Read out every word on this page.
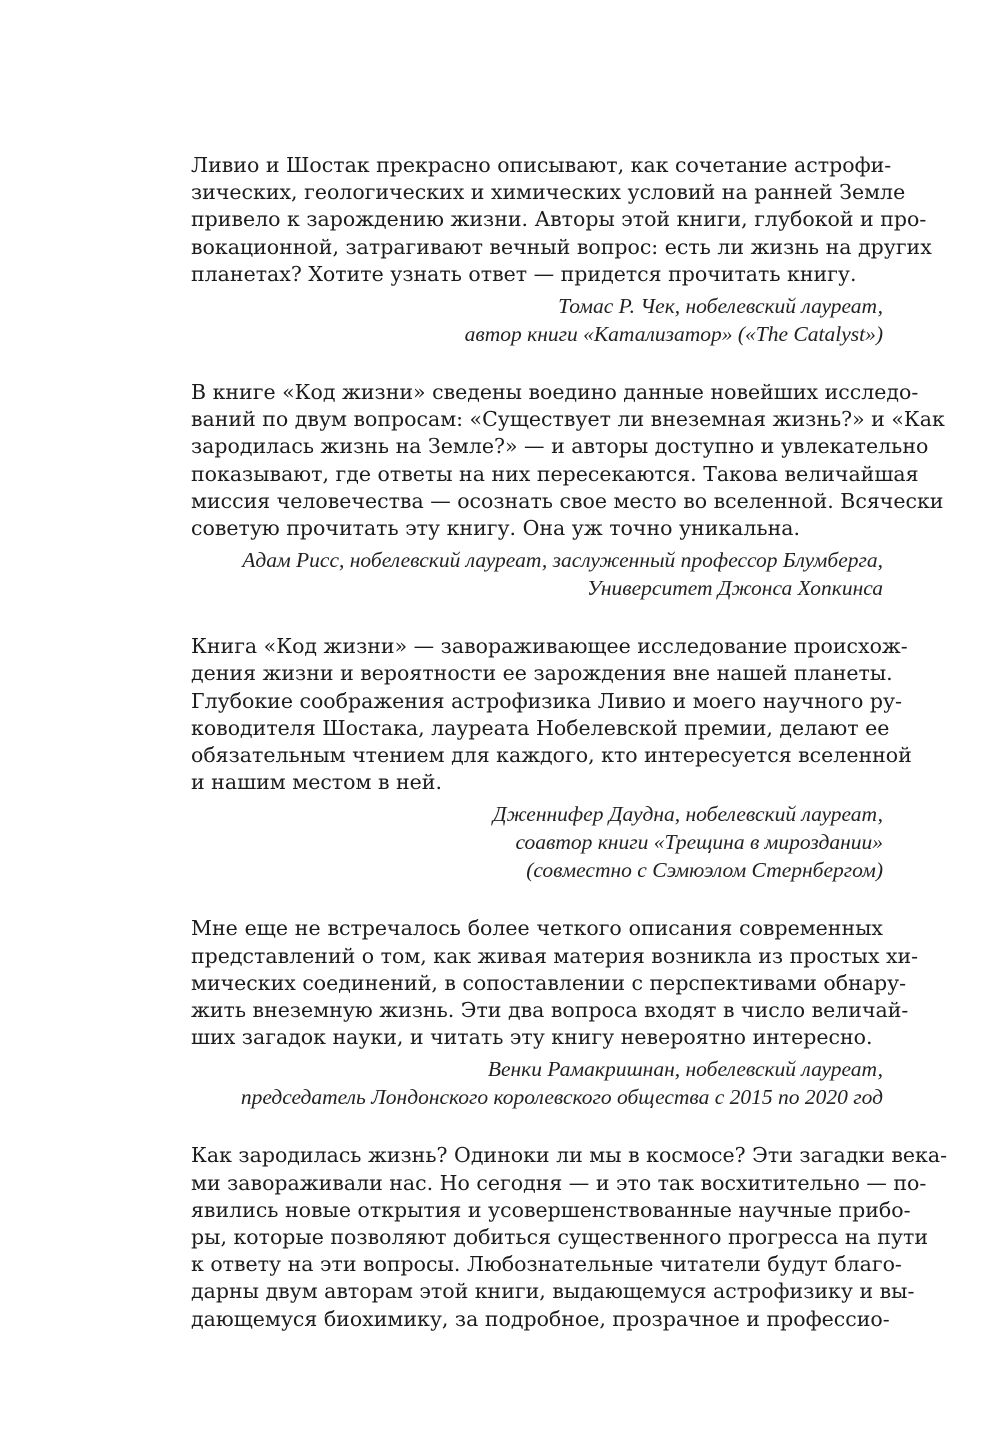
Ливио и Шостак прекрасно описывают, как сочетание астрофи-
зических, геологических и химических условий на ранней Земле
привело к зарождению жизни. Авторы этой книги, глубокой и про-
вокационной, затрагивают вечный вопрос: есть ли жизнь на других
планетах? Хотите узнать ответ — придется прочитать книгу.

Томас Р. Чек, нобелевский лауреат,
автор книги «Катализатор» («The Catalyst»)

В книге «Код жизни» сведены воедино данные новейших исследо-
ваний по двум вопросам: «Существует ли внеземная жизнь?» и «Как
зародилась жизнь на Земле?» — и авторы доступно и увлекательно
показывают, где ответы на них пересекаются. Такова величайшая
миссия человечества — осознать свое место во вселенной. Всячески
советую прочитать эту книгу. Она уж точно уникальна.

Адам Рисс, нобелевский лауреат, заслуженный профессор Блумберга,
Университет Джонса Хопкинса

Книга «Код жизни» — завораживающее исследование происхож-
дения жизни и вероятности ее зарождения вне нашей планеты.
Глубокие соображения астрофизика Ливио и моего научного ру-
ководителя Шостака, лауреата Нобелевской премии, делают ее
обязательным чтением для каждого, кто интересуется вселенной
и нашим местом в ней.

Дженнифер Даудна, нобелевский лауреат,
соавтор книги «Трещина в мироздании»
(совместно с Сэмюэлом Стернбергом)

Мне еще не встречалось более четкого описания современных
представлений о том, как живая материя возникла из простых хи-
мических соединений, в сопоставлении с перспективами обнару-
жить внеземную жизнь. Эти два вопроса входят в число величай-
ших загадок науки, и читать эту книгу невероятно интересно.

Венки Рамакришнан, нобелевский лауреат,
председатель Лондонского королевского общества с 2015 по 2020 год

Как зародилась жизнь? Одиноки ли мы в космосе? Эти загадки века-
ми завораживали нас. Но сегодня — и это так восхитительно — по-
явились новые открытия и усовершенствованные научные прибо-
ры, которые позволяют добиться существенного прогресса на пути
к ответу на эти вопросы. Любознательные читатели будут благо-
дарны двум авторам этой книги, выдающемуся астрофизику и вы-
дающемуся биохимику, за подробное, прозрачное и профессио-
